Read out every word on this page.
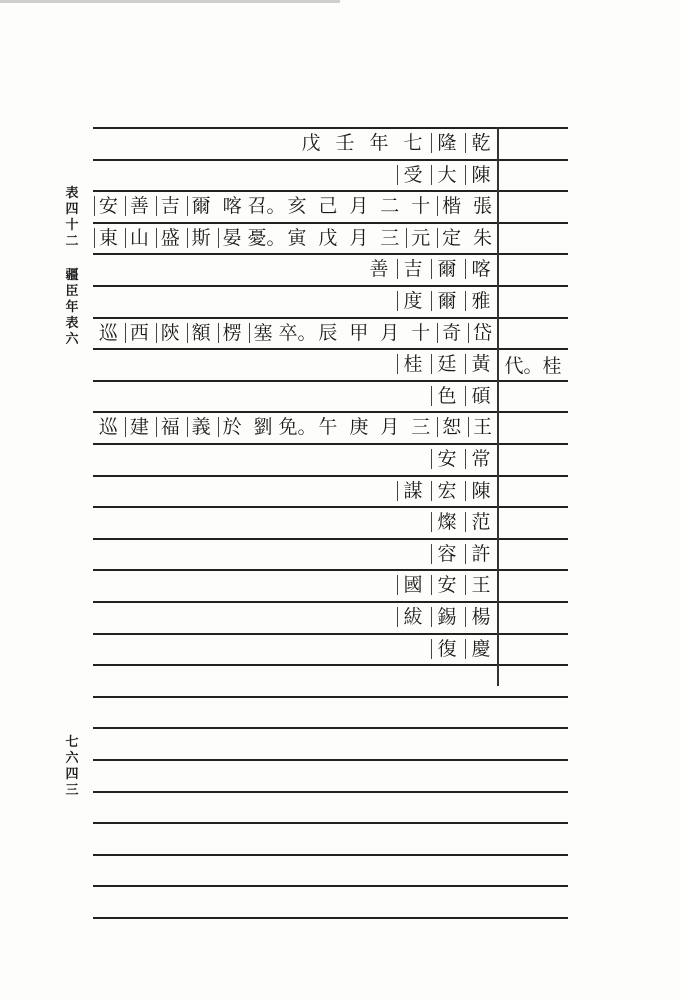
表
四
十
二
疆
臣
年
表
六
七
六
四
三
戊 壬 年 七 隆 乾
受 大 陳
安 善 吉 爾 喀 召。 亥 己 月 二 十 楷 張
東 山 盛 斯 晏 憂。 寅 戊 月 三 元 定 朱
善 吉 爾 喀
度 爾 雅
巡 西 陝 額 楞 塞 卒。 辰 甲 月 十 奇 岱
桂 廷 黃 代。桂
色 碩
巡 建 福 義 於 劉 免。 午 庚 月 三 恕 王
安 常
謀 宏 陳
燦 范
容 許
國 安 王
紱 錫 楊
復 慶
